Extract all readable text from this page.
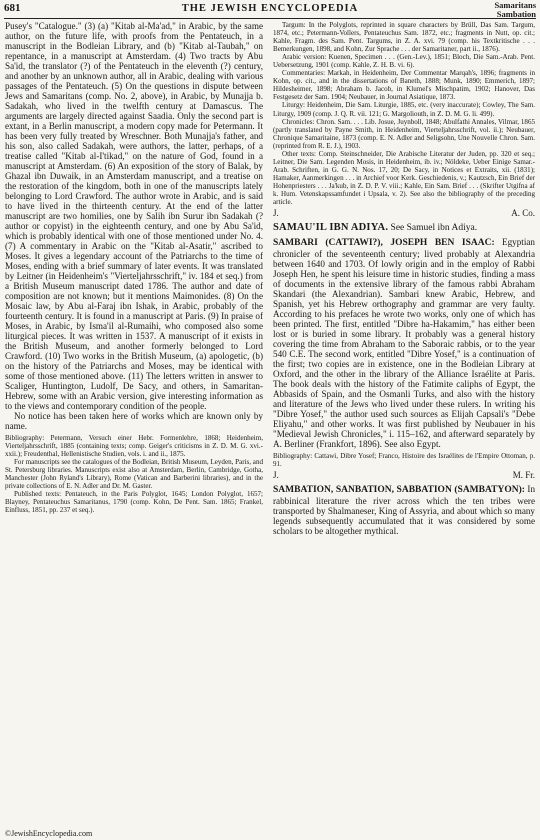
681	THE JEWISH ENCYCLOPEDIA	Samaritans
Sambation

Pusey's "Catalogue." (3) (a) "Kitab al-Ma'ad," in Arabic, by the same author, on the future life, with proofs from the Pentateuch, in a manuscript in the Bodleian Library, and (b) "Kitab al-Taubah," on repentance, in a manuscript at Amsterdam. (4) Two tracts by Abu Sa'id, the translator (?) of the Pentateuch in the eleventh (?) century, and another by an unknown author, all in Arabic, dealing with various passages of the Pentateuch. (5) On the questions in dispute between Jews and Samaritans (comp. No. 2, above), in Arabic, by Munajja b. Sadakah, who lived in the twelfth century at Damascus. The arguments are largely directed against Saadia. Only the second part is extant, in a Berlin manuscript, a modern copy made for Petermann. It has been very fully treated by Wreschner. Both Munajja's father, and his son, also called Sadakah, were authors, the latter, perhaps, of a treatise called "Kitab al-I'tikad," on the nature of God, found in a manuscript at Amsterdam. (6) An exposition of the story of Balak, by Ghazal ibn Duwaik, in an Amsterdam manuscript, and a treatise on the restoration of the kingdom, both in one of the manuscripts lately belonging to Lord Crawford. The author wrote in Arabic, and is said to have lived in the thirteenth century. At the end of the latter manuscript are two homilies, one by Salih ibn Surur ibn Sadakah (? author or copyist) in the eighteenth century, and one by Abu Sa'id, which is probably identical with one of those mentioned under No. 4. (7) A commentary in Arabic on the "Kitab al-Asatir," ascribed to Moses. It gives a legendary account of the Patriarchs to the time of Moses, ending with a brief summary of later events. It was translated by Leitner (in Heidenheim's "Vierteljahrsschrift," iv. 184 et seq.) from a British Museum manuscript dated 1786. The author and date of composition are not known; but it mentions Maimonides. (8) On the Mosaic law, by Abu al-Faraj ibn Ishak, in Arabic, probably of the fourteenth century. It is found in a manuscript at Paris. (9) In praise of Moses, in Arabic, by Isma'il al-Rumaihi, who composed also some liturgical pieces. It was written in 1537. A manuscript of it exists in the British Museum, and another formerly belonged to Lord Crawford. (10) Two works in the British Museum, (a) apologetic, (b) on the history of the Patriarchs and Moses, may be identical with some of those mentioned above. (11) The letters written in answer to Scaliger, Huntington, Ludolf, De Sacy, and others, in Samaritan-Hebrew, some with an Arabic version, give interesting information as to the views and contemporary condition of the people.

No notice has been taken here of works which are known only by name.

Bibliography: Petermann, Versuch einer Hebr. Formenlehre, 1868; Heidenheim, Vierteljahrsschrift, 1885 (containing texts; comp. Geiger's criticisms in Z. D. M. G. xvi.-xxii.); Freudenthal, Hellenistische Studien, vols. i. and ii., 1875.

For manuscripts see the catalogues of the Bodleian, British Museum, Leyden, Paris, and St. Petersburg libraries. Manuscripts exist also at Amsterdam, Berlin, Cambridge, Gotha, Manchester (John Ryland's Library), Rome (Vatican and Barberini libraries), and in the private collections of E. N. Adler and Dr. M. Gaster.

Published texts: Pentateuch, in the Paris Polyglot, 1645; London Polyglot, 1657; Blayney, Pentateuchus Samaritanus, 1790 (comp. Kohn, De Pent. Sam. 1865; Frankel, Einfluss, 1851, pp. 237 et seq.).

Targum: In the Polyglots, reprinted in square characters by Brüll, Das Sam. Targum, 1874, etc.; Petermann-Vollers, Pentateuchus Sam. 1872, etc.; fragments in Nutt, op. cit.; Kahle, Fragm. des Sam. Pent. Targums, in Z. A. xvi. 79 (comp. his Textkritische . . . Bemerkungen, 1898, and Kohn, Zur Sprache . . . der Samaritaner, part ii., 1876).

Arabic version: Kuenen, Specimen . . . (Gen.-Lev.), 1851; Bloch, Die Sam.-Arab. Pent. Uebersetzung, 1901 (comp. Kahle, Z. H. B. vi. 6).

Commentaries: Markah, in Heidenheim, Der Commentar Marqah's, 1896; fragments in Kohn, op. cit., and in the dissertations of Baneth, 1888; Munk, 1890; Emmerich, 1897; Hildesheimer, 1898; Abraham b. Jacob, in Klumel's Mischpatim, 1902; Hanover, Das Festgesetz der Sam. 1904; Neubauer, in Journal Asiatique, 1873.

Liturgy: Heidenheim, Die Sam. Liturgie, 1885, etc. (very inaccurate); Cowley, The Sam. Liturgy, 1909 (comp. J. Q. R. vii. 121; G. Margoliouth, in Z. D. M. G. li. 499).

Chronicles: Chron. Sam. . . . Lib. Josue, Juynboll, 1848; Abulfathi Annales, Vilmar, 1865 (partly translated by Payne Smith, in Heidenheim, Vierteljahrsschrift, vol. ii.); Neubauer, Chronique Samaritaine, 1873 (comp. E. N. Adler and Seligsohn, Une Nouvelle Chron. Sam. (reprinted from R. E. J.), 1903.

Other texts: Comp. Steinschneider, Die Arabische Literatur der Juden, pp. 320 et seq.; Leitner, Die Sam. Legenden Mosis, in Heidenheim, ib. iv.; Nöldeke, Ueber Einige Samar.-Arab. Schriften, in G. G. N. Nos. 17, 20; De Sacy, in Notices et Extraits, xii. (1831); Hamaker, Aanmerkingen . . . in Archief voor Kerk. Geschiedenis, v.; Kautzsch, Ein Brief der Hohenpriesters . . . Ja'kub, in Z. D. P. V. viii.; Kahle, Ein Sam. Brief . . . (Skrifter Utgifna af k. Hum. Vetenskapssamfundet i Upsala, v. 2). See also the bibliography of the preceding article.

J.	A. Co.

SAMAU'IL IBN ADIYA. See Samuel ibn Adiya.

SAMBARI (CATTAWI?), JOSEPH BEN ISAAC: Egyptian chronicler of the seventeenth century; lived probably at Alexandria between 1640 and 1703. Of lowly origin and in the employ of Rabbi Joseph Hen, he spent his leisure time in historic studies, finding a mass of documents in the extensive library of the famous rabbi Abraham Skandari (the Alexandrian). Sambari knew Arabic, Hebrew, and Spanish, yet his Hebrew orthography and grammar are very faulty. According to his prefaces he wrote two works, only one of which has been printed. The first, entitled "Dibre ha-Hakamim," has either been lost or is buried in some library. It probably was a general history covering the time from Abraham to the Saboraic rabbis, or to the year 540 C.E. The second work, entitled "Dibre Yosef," is a continuation of the first; two copies are in existence, one in the Bodleian Library at Oxford, and the other in the library of the Alliance Israélite at Paris. The book deals with the history of the Fatimite caliphs of Egypt, the Abbasids of Spain, and the Osmanli Turks, and also with the history and literature of the Jews who lived under these rulers. In writing his "Dibre Yosef," the author used such sources as Elijah Capsali's "Debe Eliyahu," and other works. It was first published by Neubauer in his "Medieval Jewish Chronicles," i. 115–162, and afterward separately by A. Berliner (Frankfort, 1896). See also Egypt.

Bibliography: Cattawi, Dibre Yosef; Franco, Histoire des Israélites de l'Empire Ottoman, p. 91.

J.	M. Fr.

SAMBATION, SANBATION, SABBATION (SAMBATYON): In rabbinical literature the river across which the ten tribes were transported by Shalmaneser, King of Assyria, and about which so many legends subsequently accumulated that it was considered by some scholars to be altogether mythical.

©JewishEncyclopedia.com
